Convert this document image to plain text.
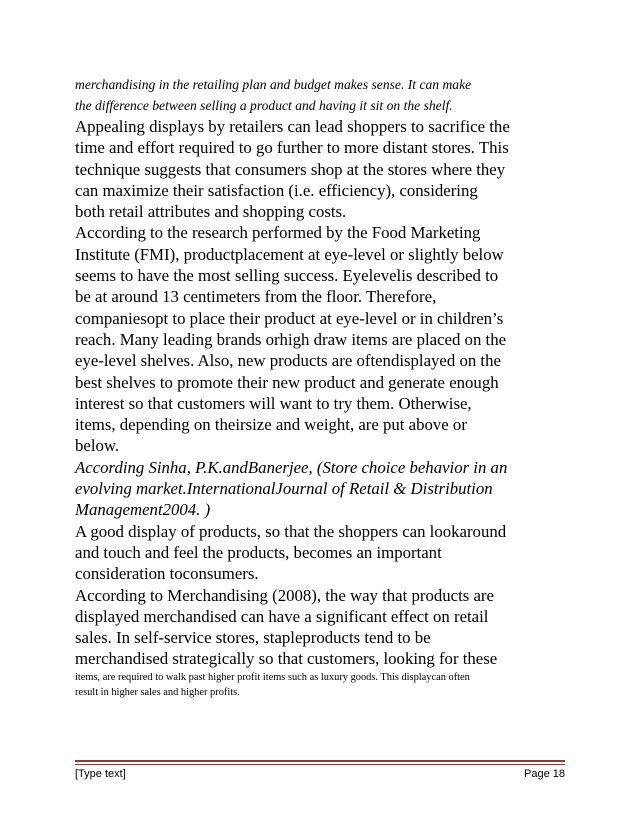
merchandising in the retailing plan and budget makes sense. It can make

the difference between selling a product and having it sit on the shelf.

Appealing displays by retailers can lead shoppers to sacrifice the

time and effort required to go further to more distant stores. This

technique suggests that consumers shop at the stores where they

can maximize their satisfaction (i.e. efficiency), considering

both retail attributes and shopping costs.

According to the research performed by the Food Marketing

Institute (FMI), productplacement at eye-level or slightly below

seems to have the most selling success. Eyelevelis described to

be at around 13 centimeters from the floor. Therefore,

companiesopt to place their product at eye-level or in children’s

reach. Many leading brands orhigh draw items are placed on the

eye-level shelves. Also, new products are oftendisplayed on the

best shelves to promote their new product and generate enough

interest so that customers will want to try them. Otherwise,

items, depending on theirsize and weight, are put above or

below.

According Sinha, P.K.andBanerjee, (Store choice behavior in an

evolving market.InternationalJournal of Retail & Distribution

Management2004. )

A good display of products, so that the shoppers can lookaround

and touch and feel the products, becomes an important

consideration toconsumers.

According to Merchandising (2008), the way that products are

displayed merchandised can have a significant effect on retail

sales. In self-service stores, stapleproducts tend to be

merchandised strategically so that customers, looking for these

items, are required to walk past higher profit items such as luxury goods. This displaycan often

result in higher sales and higher profits.

[Type text]	Page 18
